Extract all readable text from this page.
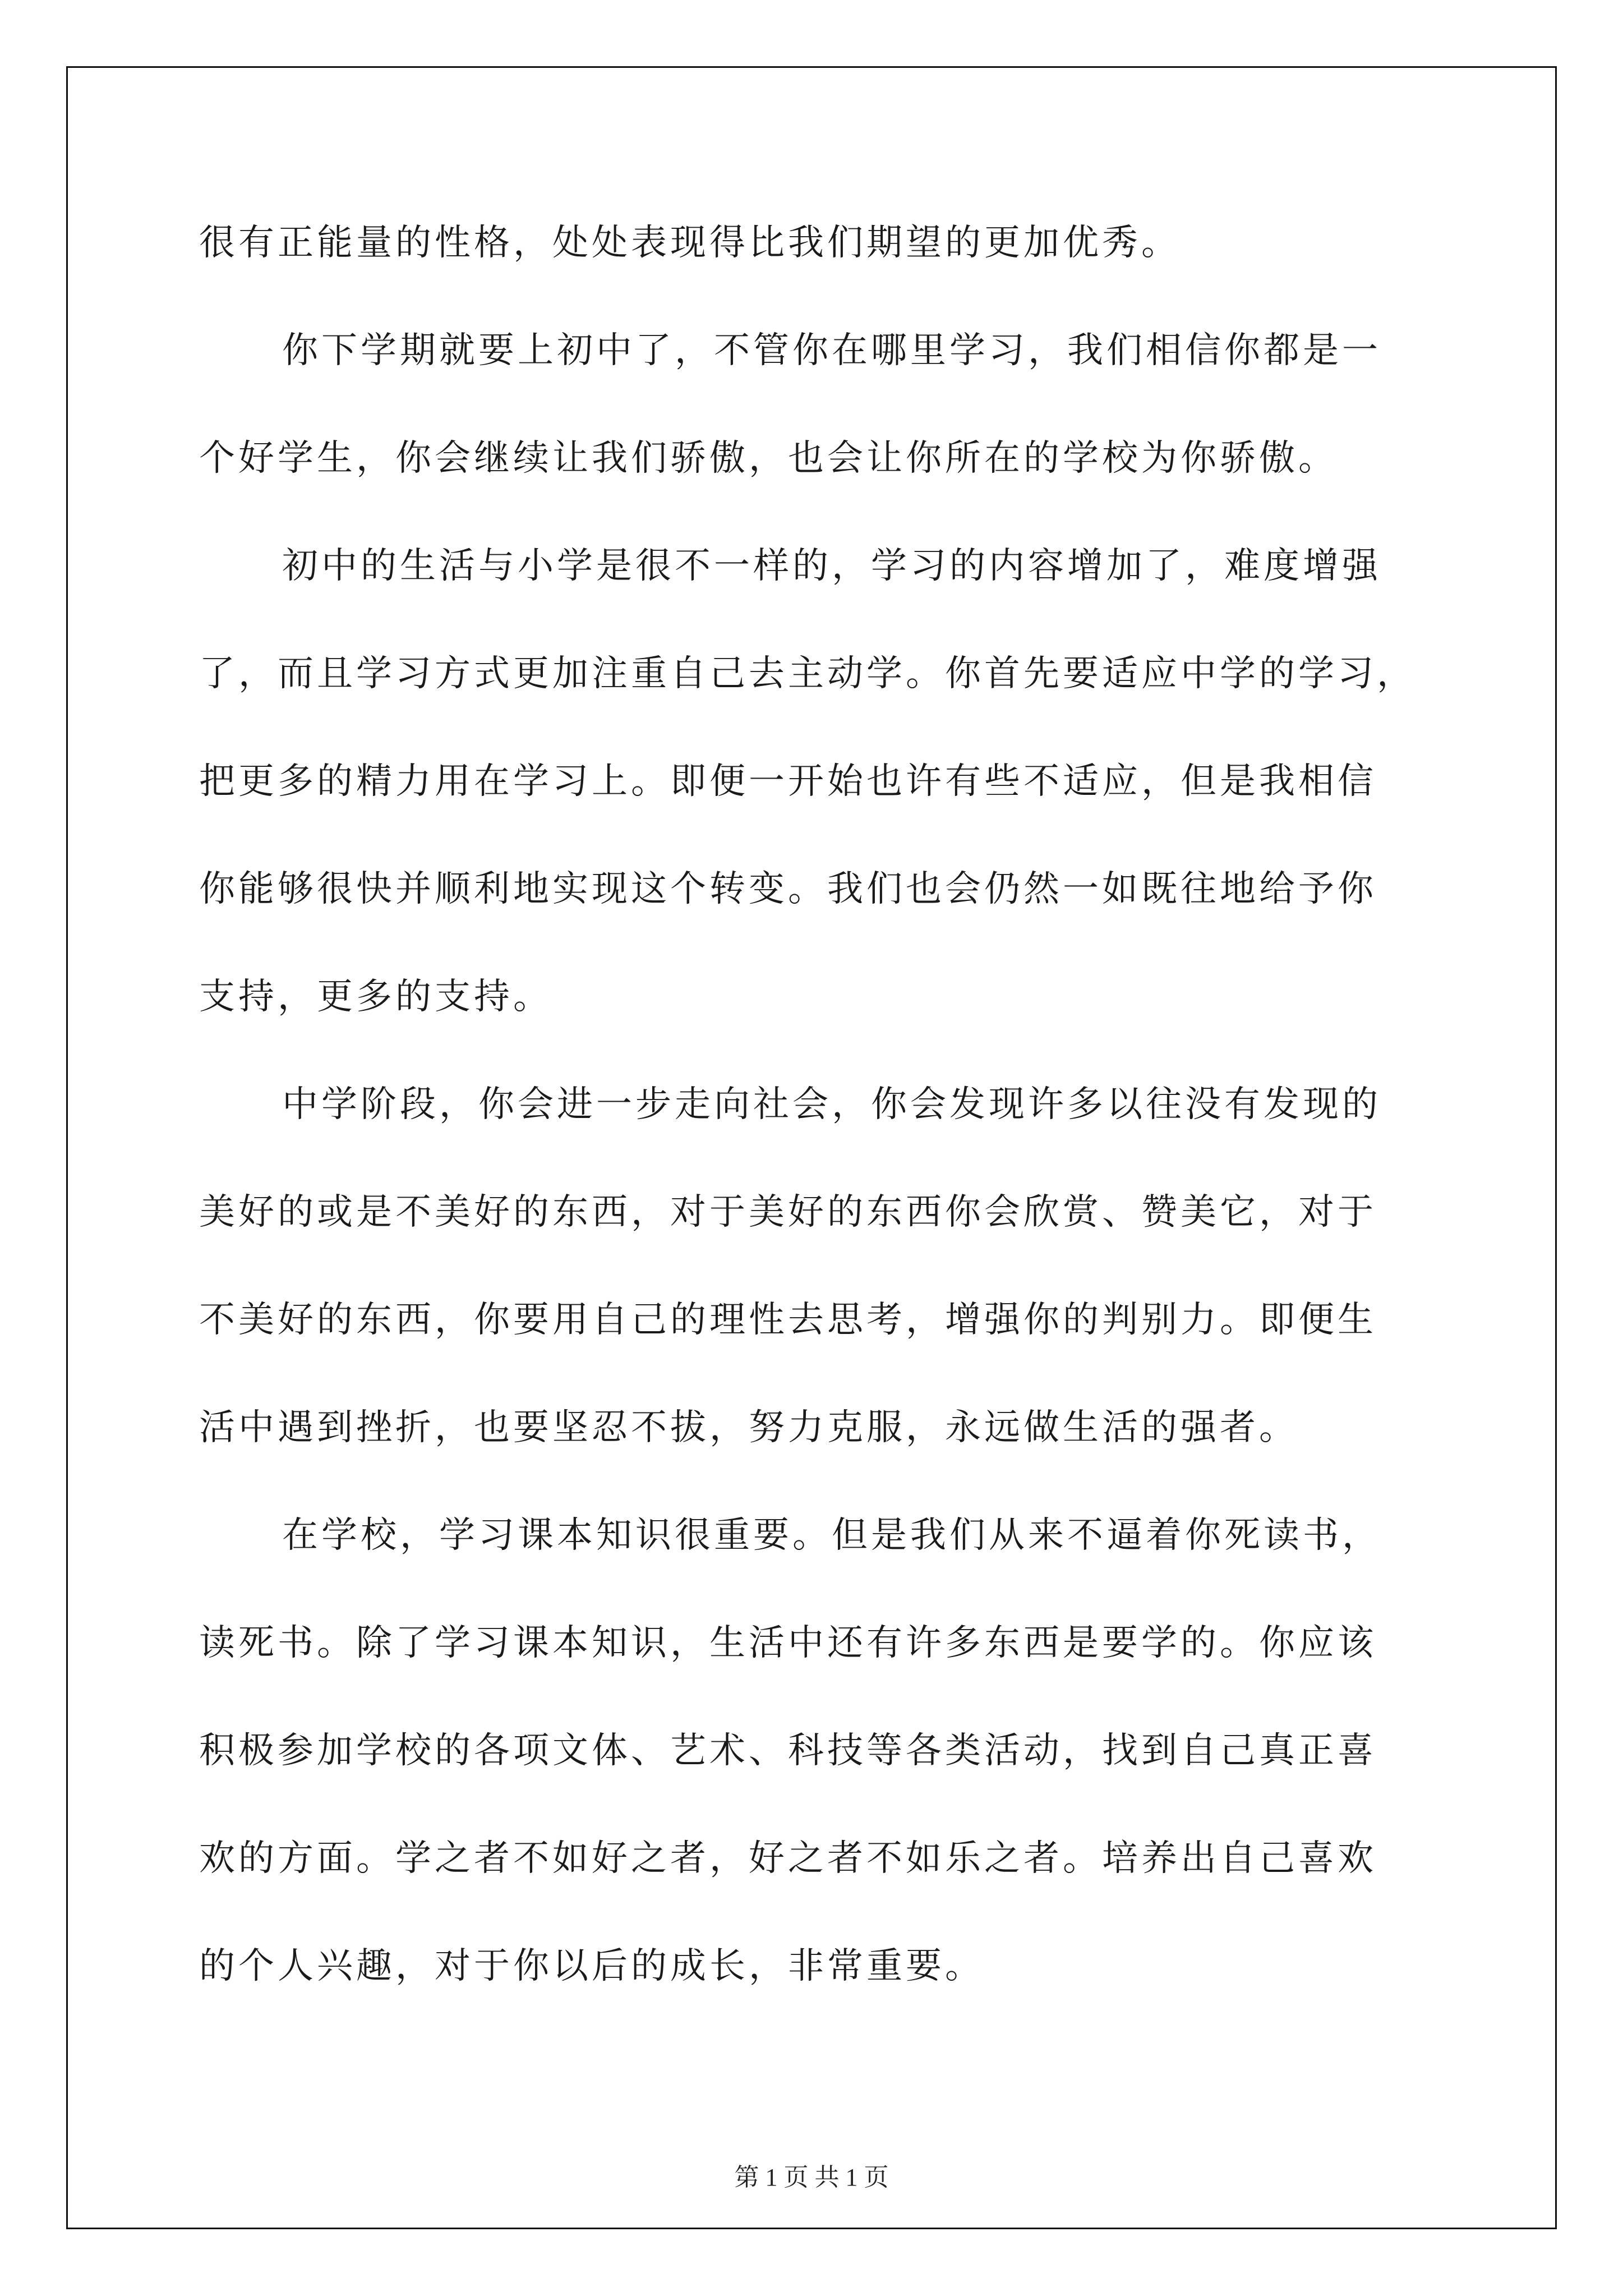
很有正能量的性格，处处表现得比我们期望的更加优秀。
你下学期就要上初中了，不管你在哪里学习，我们相信你都是一
个好学生，你会继续让我们骄傲，也会让你所在的学校为你骄傲。
初中的生活与小学是很不一样的，学习的内容增加了，难度增强
了，而且学习方式更加注重自己去主动学。你首先要适应中学的学习，
把更多的精力用在学习上。即便一开始也许有些不适应，但是我相信
你能够很快并顺利地实现这个转变。我们也会仍然一如既往地给予你
支持，更多的支持。
中学阶段，你会进一步走向社会，你会发现许多以往没有发现的
美好的或是不美好的东西，对于美好的东西你会欣赏、赞美它，对于
不美好的东西，你要用自己的理性去思考，增强你的判别力。即便生
活中遇到挫折，也要坚忍不拔，努力克服，永远做生活的强者。
在学校，学习课本知识很重要。但是我们从来不逼着你死读书，
读死书。除了学习课本知识，生活中还有许多东西是要学的。你应该
积极参加学校的各项文体、艺术、科技等各类活动，找到自己真正喜
欢的方面。学之者不如好之者，好之者不如乐之者。培养出自己喜欢
的个人兴趣，对于你以后的成长，非常重要。
第 1 页 共 1 页
